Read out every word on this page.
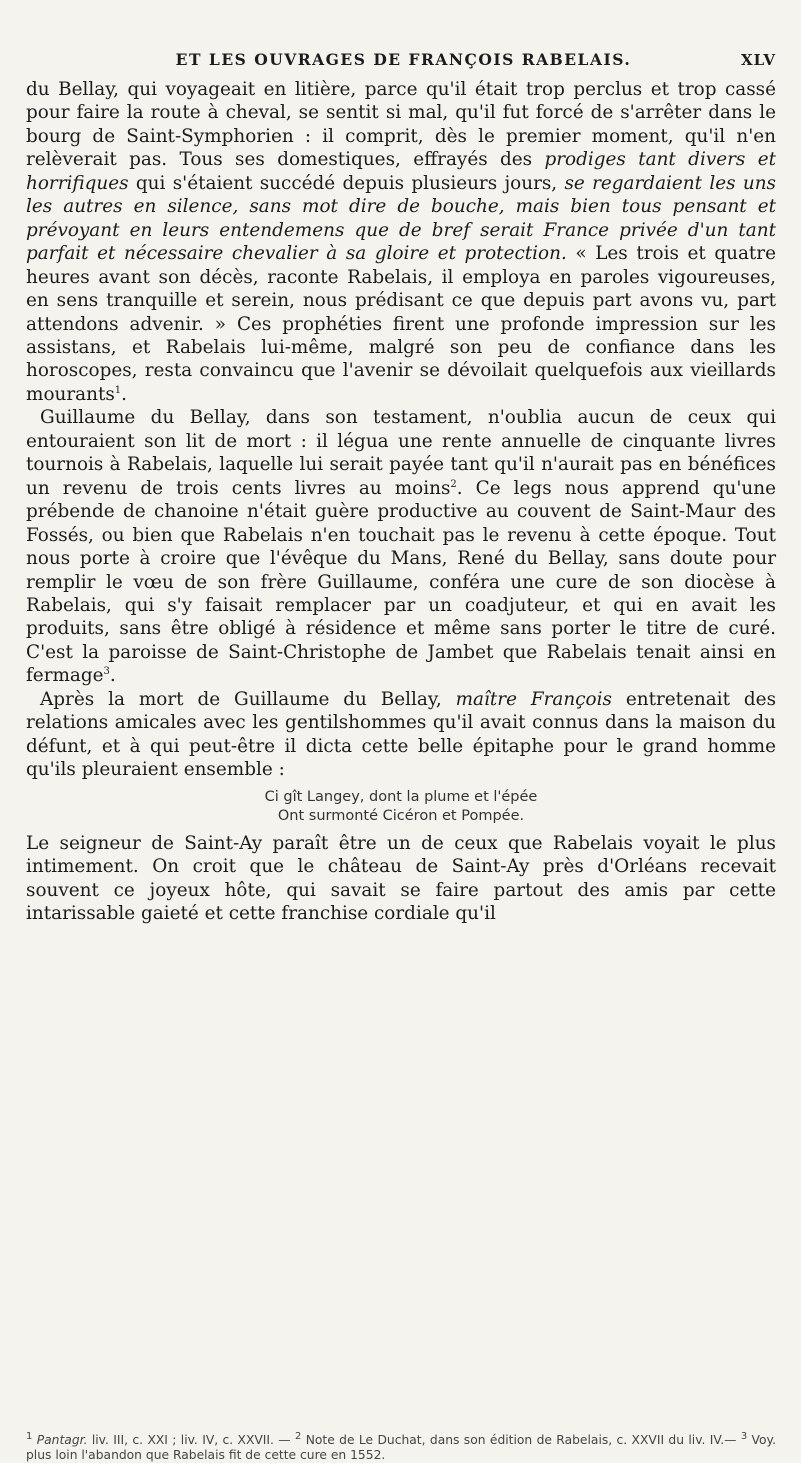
ET LES OUVRAGES DE FRANÇOIS RABELAIS.	XLV

du Bellay, qui voyageait en litière, parce qu'il était trop perclus et trop cassé pour faire la route à cheval, se sentit si mal, qu'il fut forcé de s'arrêter dans le bourg de Saint-Symphorien : il comprit, dès le premier moment, qu'il n'en relèverait pas. Tous ses domestiques, effrayés des prodiges tant divers et horrifiques qui s'étaient succédé depuis plusieurs jours, se regardaient les uns les autres en silence, sans mot dire de bouche, mais bien tous pensant et prévoyant en leurs entendemens que de bref serait France privée d'un tant parfait et nécessaire chevalier à sa gloire et protection. « Les trois et quatre heures avant son décès, raconte Rabelais, il employa en paroles vigoureuses, en sens tranquille et serein, nous prédisant ce que depuis part avons vu, part attendons advenir. » Ces prophéties firent une profonde impression sur les assistans, et Rabelais lui-même, malgré son peu de confiance dans les horoscopes, resta convaincu que l'avenir se dévoilait quelquefois aux vieillards mourants$^1$.

Guillaume du Bellay, dans son testament, n'oublia aucun de ceux qui entouraient son lit de mort : il légua une rente annuelle de cinquante livres tournois à Rabelais, laquelle lui serait payée tant qu'il n'aurait pas en bénéfices un revenu de trois cents livres au moins$^2$. Ce legs nous apprend qu'une prébende de chanoine n'était guère productive au couvent de Saint-Maur des Fossés, ou bien que Rabelais n'en touchait pas le revenu à cette époque. Tout nous porte à croire que l'évêque du Mans, René du Bellay, sans doute pour remplir le vœu de son frère Guillaume, conféra une cure de son diocèse à Rabelais, qui s'y faisait remplacer par un coadjuteur, et qui en avait les produits, sans être obligé à résidence et même sans porter le titre de curé. C'est la paroisse de Saint-Christophe de Jambet que Rabelais tenait ainsi en fermage$^3$.

Après la mort de Guillaume du Bellay, maître François entretenait des relations amicales avec les gentilshommes qu'il avait connus dans la maison du défunt, et à qui peut-être il dicta cette belle épitaphe pour le grand homme qu'ils pleuraient ensemble :

Ci gît Langey, dont la plume et l'épée
Ont surmonté Cicéron et Pompée.

Le seigneur de Saint-Ay paraît être un de ceux que Rabelais voyait le plus intimement. On croit que le château de Saint-Ay près d'Orléans recevait souvent ce joyeux hôte, qui savait se faire partout des amis par cette intarissable gaieté et cette franchise cordiale qu'il

$^1$ Pantagr. liv. III, c. XXI ; liv. IV, c. XXVII. — $^2$ Note de Le Duchat, dans son édition de Rabelais, c. XXVII du liv. IV.— $^3$ Voy. plus loin l'abandon que Rabelais fit de cette cure en 1552.
